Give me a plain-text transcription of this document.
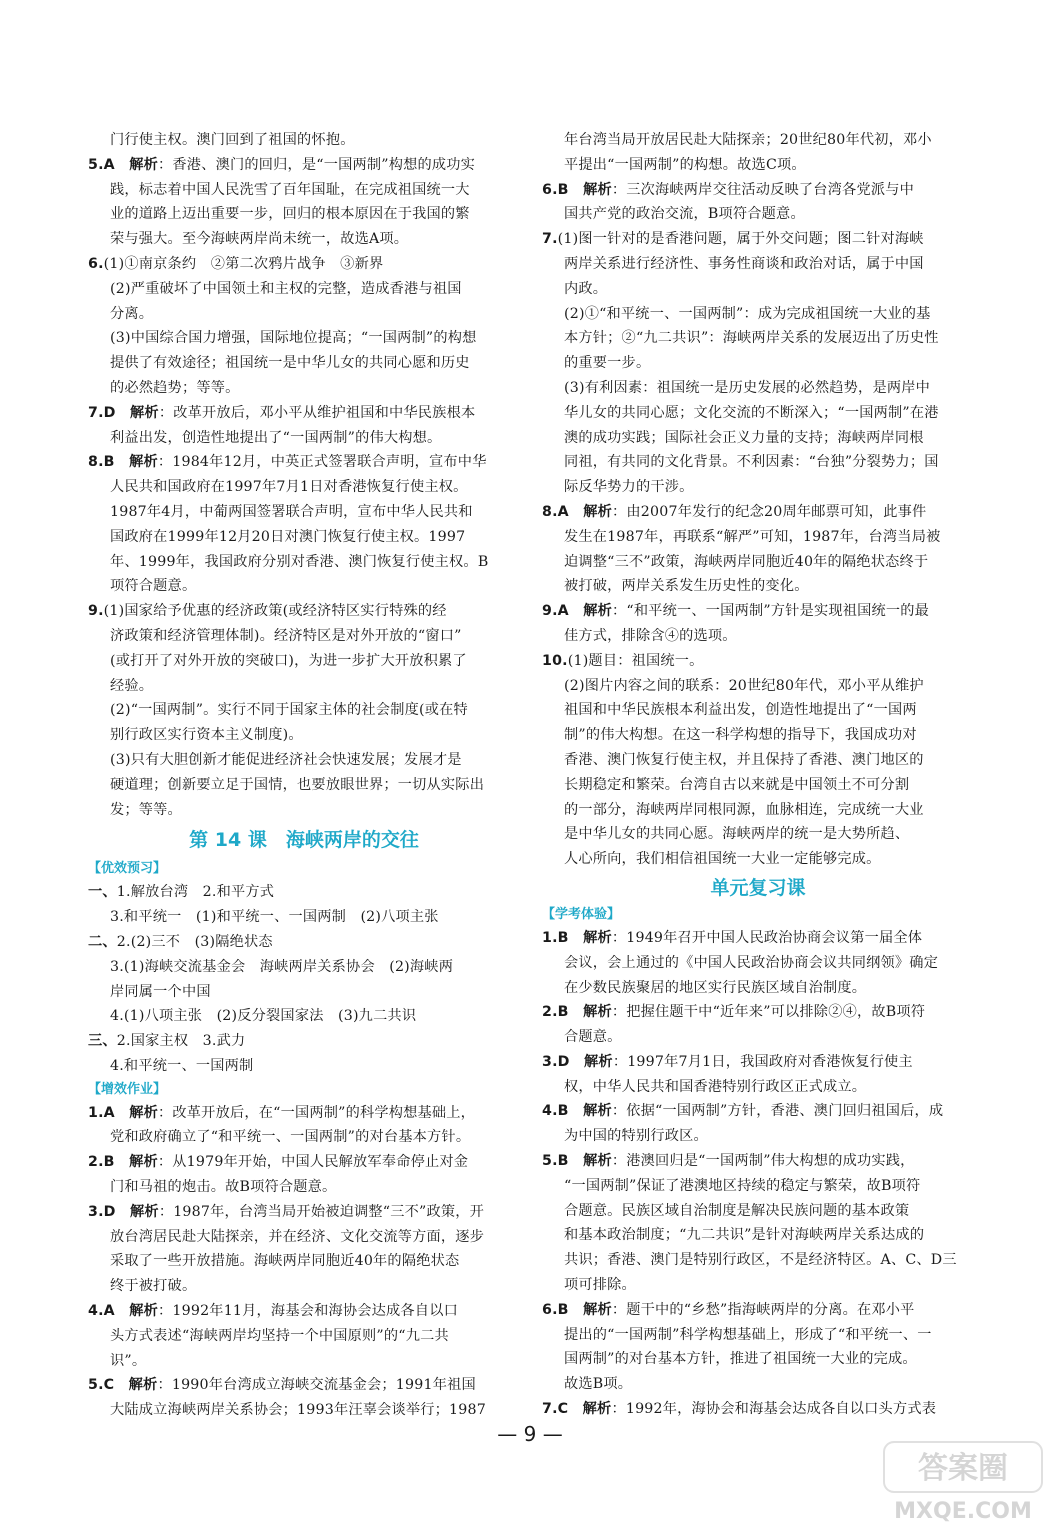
门行使主权。澳门回到了祖国的怀抱。
5.A  解析：香港、澳门的回归，是“一国两制”构想的成功实
践，标志着中国人民洗雪了百年国耻，在完成祖国统一大
业的道路上迈出重要一步，回归的根本原因在于我国的繁
荣与强大。至今海峡两岸尚未统一，故选A项。
6.(1)①南京条约　②第二次鸦片战争　③新界
(2)严重破坏了中国领土和主权的完整，造成香港与祖国
分离。
(3)中国综合国力增强，国际地位提高；“一国两制”的构想
提供了有效途径；祖国统一是中华儿女的共同心愿和历史
的必然趋势；等等。
7.D  解析：改革开放后，邓小平从维护祖国和中华民族根本
利益出发，创造性地提出了“一国两制”的伟大构想。
8.B  解析：1984年12月，中英正式签署联合声明，宣布中华
人民共和国政府在1997年7月1日对香港恢复行使主权。
1987年4月，中葡两国签署联合声明，宣布中华人民共和
国政府在1999年12月20日对澳门恢复行使主权。1997
年、1999年，我国政府分别对香港、澳门恢复行使主权。B
项符合题意。
9.(1)国家给予优惠的经济政策(或经济特区实行特殊的经
济政策和经济管理体制)。经济特区是对外开放的“窗口”
(或打开了对外开放的突破口)，为进一步扩大开放积累了
经验。
(2)“一国两制”。实行不同于国家主体的社会制度(或在特
别行政区实行资本主义制度)。
(3)只有大胆创新才能促进经济社会快速发展；发展才是
硬道理；创新要立足于国情，也要放眼世界；一切从实际出
发；等等。
第 14 课　海峡两岸的交往
【优效预习】
一、1.解放台湾　2.和平方式
3.和平统一　(1)和平统一、一国两制　(2)八项主张
二、2.(2)三不　(3)隔绝状态
3.(1)海峡交流基金会　海峡两岸关系协会　(2)海峡两
岸同属一个中国
4.(1)八项主张　(2)反分裂国家法　(3)九二共识
三、2.国家主权　3.武力
4.和平统一、一国两制
【增效作业】
1.A  解析：改革开放后，在“一国两制”的科学构想基础上，
党和政府确立了“和平统一、一国两制”的对台基本方针。
2.B  解析：从1979年开始，中国人民解放军奉命停止对金
门和马祖的炮击。故B项符合题意。
3.D  解析：1987年，台湾当局开始被迫调整“三不”政策，开
放台湾居民赴大陆探亲，并在经济、文化交流等方面，逐步
采取了一些开放措施。海峡两岸同胞近40年的隔绝状态
终于被打破。
4.A  解析：1992年11月，海基会和海协会达成各自以口
头方式表述“海峡两岸均坚持一个中国原则”的“九二共
识”。
5.C  解析：1990年台湾成立海峡交流基金会；1991年祖国
大陆成立海峡两岸关系协会；1993年汪辜会谈举行；1987
年台湾当局开放居民赴大陆探亲；20世纪80年代初，邓小
平提出“一国两制”的构想。故选C项。
6.B  解析：三次海峡两岸交往活动反映了台湾各党派与中
国共产党的政治交流，B项符合题意。
7.(1)图一针对的是香港问题，属于外交问题；图二针对海峡
两岸关系进行经济性、事务性商谈和政治对话，属于中国
内政。
(2)①“和平统一、一国两制”：成为完成祖国统一大业的基
本方针；②“九二共识”：海峡两岸关系的发展迈出了历史性
的重要一步。
(3)有利因素：祖国统一是历史发展的必然趋势，是两岸中
华儿女的共同心愿；文化交流的不断深入；“一国两制”在港
澳的成功实践；国际社会正义力量的支持；海峡两岸同根
同祖，有共同的文化背景。不利因素：“台独”分裂势力；国
际反华势力的干涉。
8.A  解析：由2007年发行的纪念20周年邮票可知，此事件
发生在1987年，再联系“解严”可知，1987年，台湾当局被
迫调整“三不”政策，海峡两岸同胞近40年的隔绝状态终于
被打破，两岸关系发生历史性的变化。
9.A  解析：“和平统一、一国两制”方针是实现祖国统一的最
佳方式，排除含④的选项。
10.(1)题目：祖国统一。
(2)图片内容之间的联系：20世纪80年代，邓小平从维护
祖国和中华民族根本利益出发，创造性地提出了“一国两
制”的伟大构想。在这一科学构想的指导下，我国成功对
香港、澳门恢复行使主权，并且保持了香港、澳门地区的
长期稳定和繁荣。台湾自古以来就是中国领土不可分割
的一部分，海峡两岸同根同源，血脉相连，完成统一大业
是中华儿女的共同心愿。海峡两岸的统一是大势所趋、
人心所向，我们相信祖国统一大业一定能够完成。
单元复习课
【学考体验】
1.B  解析：1949年召开中国人民政治协商会议第一届全体
会议，会上通过的《中国人民政治协商会议共同纲领》确定
在少数民族聚居的地区实行民族区域自治制度。
2.B  解析：把握住题干中“近年来”可以排除②④，故B项符
合题意。
3.D  解析：1997年7月1日，我国政府对香港恢复行使主
权，中华人民共和国香港特别行政区正式成立。
4.B  解析：依据“一国两制”方针，香港、澳门回归祖国后，成
为中国的特别行政区。
5.B  解析：港澳回归是“一国两制”伟大构想的成功实践，
“一国两制”保证了港澳地区持续的稳定与繁荣，故B项符
合题意。民族区域自治制度是解决民族问题的基本政策
和基本政治制度；“九二共识”是针对海峡两岸关系达成的
共识；香港、澳门是特别行政区，不是经济特区。A、C、D三
项可排除。
6.B  解析：题干中的“乡愁”指海峡两岸的分离。在邓小平
提出的“一国两制”科学构想基础上，形成了“和平统一、一
国两制”的对台基本方针，推进了祖国统一大业的完成。
故选B项。
7.C  解析：1992年，海协会和海基会达成各自以口头方式表
— 9 —
答案圈
MXQE.COM
